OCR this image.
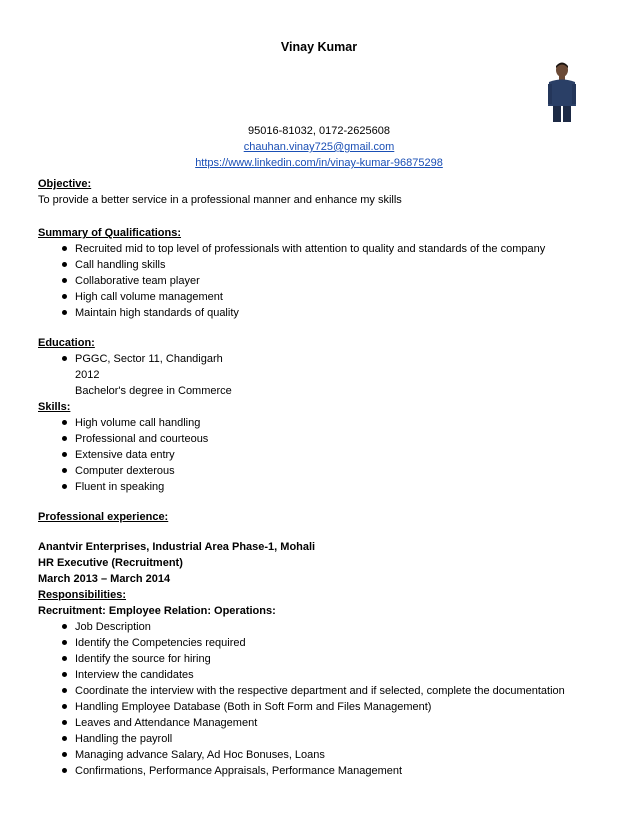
Vinay Kumar
95016-81032, 0172-2625608
chauhan.vinay725@gmail.com
https://www.linkedin.com/in/vinay-kumar-96875298
Objective:
To provide a better service in a professional manner and enhance my skills
Summary of Qualifications:
Recruited mid to top level of professionals with attention to quality and standards of the company
Call handling skills
Collaborative team player
High call volume management
Maintain high standards of quality
Education:
PGGC, Sector 11, Chandigarh
2012
Bachelor's degree in Commerce
Skills:
High volume call handling
Professional and courteous
Extensive data entry
Computer dexterous
Fluent in speaking
Professional experience:
Anantvir Enterprises, Industrial Area Phase-1, Mohali
HR Executive (Recruitment)
March 2013 – March 2014
Responsibilities:
Recruitment: Employee Relation: Operations:
Job Description
Identify the Competencies required
Identify the source for hiring
Interview the candidates
Coordinate the interview with the respective department and if selected, complete the documentation
Handling Employee Database (Both in Soft Form and Files Management)
Leaves and Attendance Management
Handling the payroll
Managing advance Salary, Ad Hoc Bonuses, Loans
Confirmations, Performance Appraisals, Performance Management
